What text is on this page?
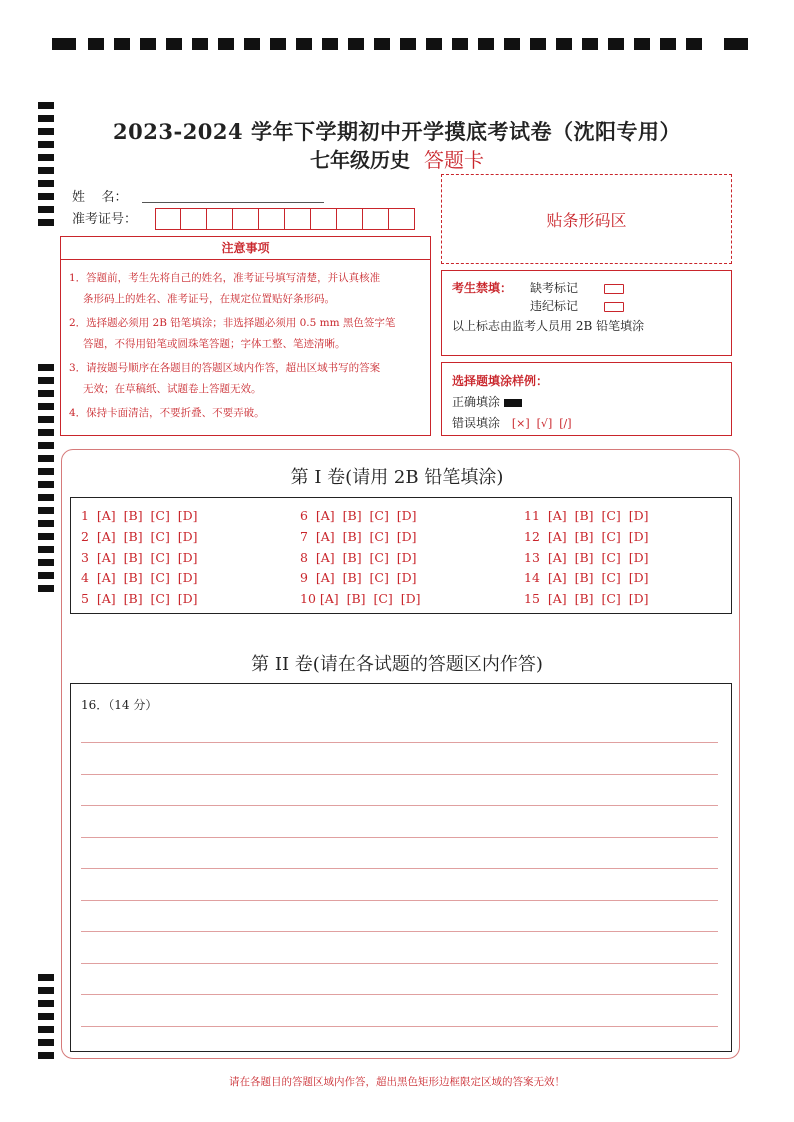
2023-2024 学年下学期初中开学摸底考试卷（沈阳专用）
七年级历史 答题卡
姓    名：
准考证号：	贴条形码区
注意事项
1．答题前，考生先将自己的姓名，准考证号填写清楚，并认真核准
条形码上的姓名、准考证号，在规定位置贴好条形码。
2．选择题必须用 2B 铅笔填涂；非选择题必须用 0.5 mm 黑色签字笔
答题，不得用铅笔或圆珠笔答题；字体工整、笔迹清晰。
3．请按题号顺序在各题目的答题区域内作答，超出区域书写的答案
无效；在草稿纸、试题卷上答题无效。
4．保持卡面清洁，不要折叠、不要弄破。
考生禁填： 缺考标记
违纪标记
以上标志由监考人员用 2B 铅笔填涂
选择题填涂样例：
正确填涂
错误填涂 [×]  [√]  [/]
第 I 卷(请用 2B 铅笔填涂)
1  [A]  [B]  [C]  [D]
2  [A]  [B]  [C]  [D]
3  [A]  [B]  [C]  [D]
4  [A]  [B]  [C]  [D]
5  [A]  [B]  [C]  [D]
6  [A]  [B]  [C]  [D]
7  [A]  [B]  [C]  [D]
8  [A]  [B]  [C]  [D]
9  [A]  [B]  [C]  [D]
10 [A]  [B]  [C]  [D]
11  [A]  [B]  [C]  [D]
12  [A]  [B]  [C]  [D]
13  [A]  [B]  [C]  [D]
14  [A]  [B]  [C]  [D]
15  [A]  [B]  [C]  [D]
第 II 卷(请在各试题的答题区内作答)
16．（14 分）
请在各题目的答题区域内作答，超出黑色矩形边框限定区域的答案无效！
